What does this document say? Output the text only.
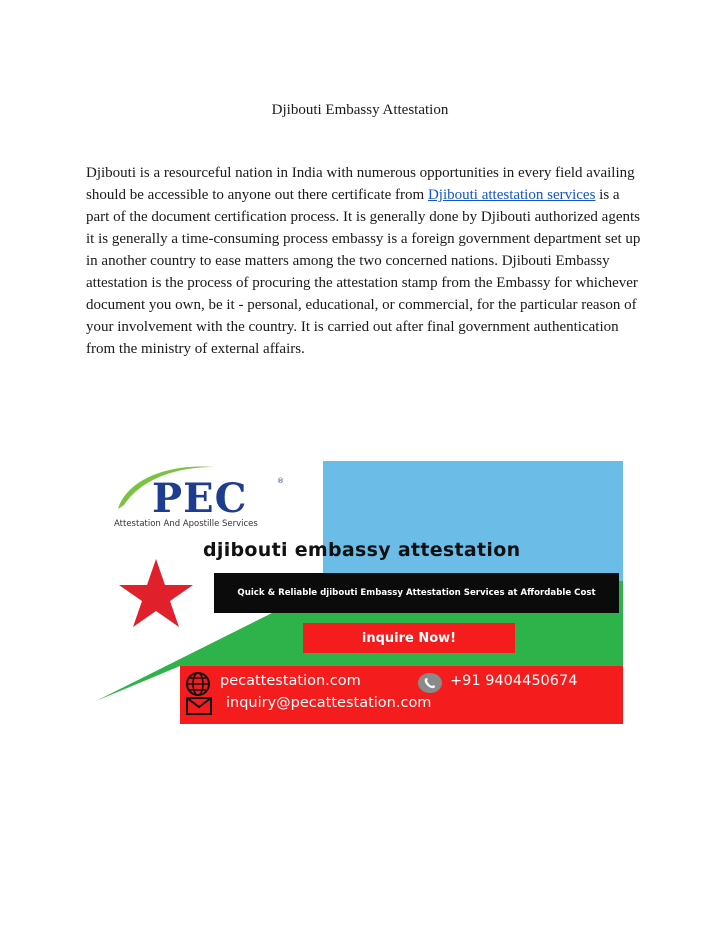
Djibouti Embassy Attestation
Djibouti is a resourceful nation in India with numerous opportunities in every field availing should be accessible to anyone out there certificate from Djibouti attestation services is a part of the document certification process. It is generally done by Djibouti authorized agents it is generally a time-consuming process embassy is a foreign government department set up in another country to ease matters among the two concerned nations. Djibouti Embassy attestation is the process of procuring the attestation stamp from the Embassy for whichever document you own, be it - personal, educational, or commercial, for the particular reason of your involvement with the country. It is carried out after final government authentication from the ministry of external affairs.
PEC	®
Attestation And Apostille Services
djibouti embassy attestation
Quick & Reliable djibouti Embassy Attestation Services at Affordable Cost
inquire Now!
pecattestation.com	+91 9404450674
inquiry@pecattestation.com
